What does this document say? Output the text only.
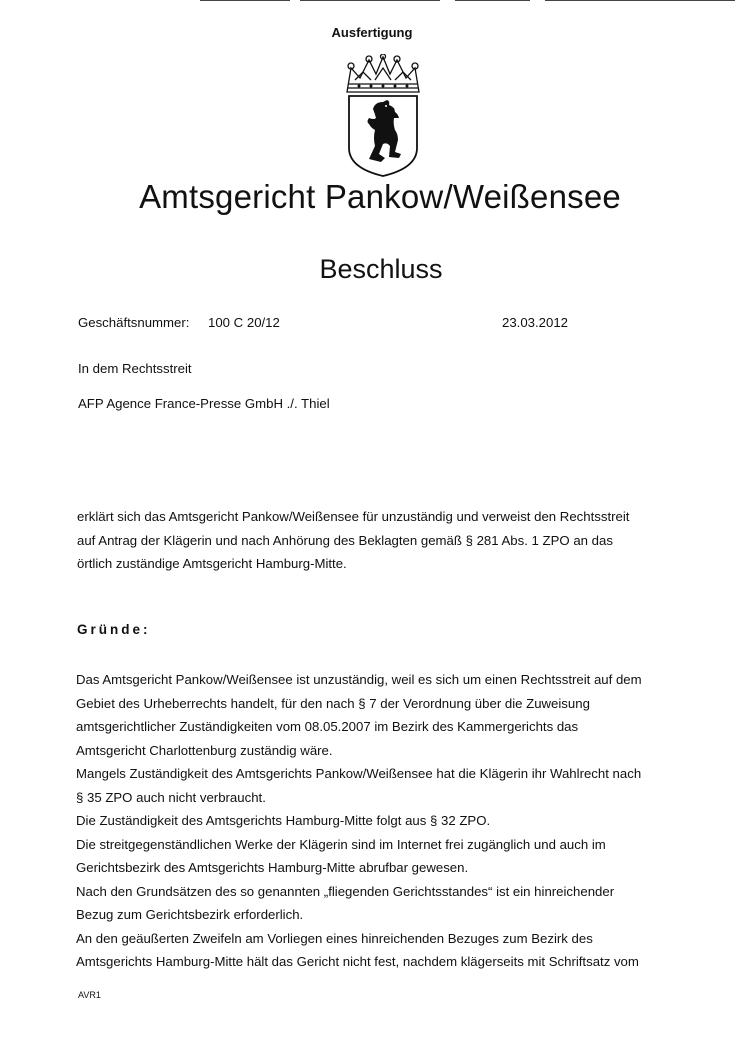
Ausfertigung
Amtsgericht Pankow/Weißensee
Beschluss
Geschäftsnummer: 100 C 20/12	23.03.2012
In dem Rechtsstreit
AFP Agence France-Presse GmbH ./. Thiel
erklärt sich das Amtsgericht Pankow/Weißensee für unzuständig und verweist den Rechtsstreit
auf Antrag der Klägerin und nach Anhörung des Beklagten gemäß § 281 Abs. 1 ZPO an das
örtlich zuständige Amtsgericht Hamburg-Mitte.
Gründe:
Das Amtsgericht Pankow/Weißensee ist unzuständig, weil es sich um einen Rechtsstreit auf dem
Gebiet des Urheberrechts handelt, für den nach § 7 der Verordnung über die Zuweisung
amtsgerichtlicher Zuständigkeiten vom 08.05.2007 im Bezirk des Kammergerichts das
Amtsgericht Charlottenburg zuständig wäre.
Mangels Zuständigkeit des Amtsgerichts Pankow/Weißensee hat die Klägerin ihr Wahlrecht nach
§ 35 ZPO auch nicht verbraucht.
Die Zuständigkeit des Amtsgerichts Hamburg-Mitte folgt aus § 32 ZPO.
Die streitgegenständlichen Werke der Klägerin sind im Internet frei zugänglich und auch im
Gerichtsbezirk des Amtsgerichts Hamburg-Mitte abrufbar gewesen.
Nach den Grundsätzen des so genannten „fliegenden Gerichtsstandes“ ist ein hinreichender
Bezug zum Gerichtsbezirk erforderlich.
An den geäußerten Zweifeln am Vorliegen eines hinreichenden Bezuges zum Bezirk des
Amtsgerichts Hamburg-Mitte hält das Gericht nicht fest, nachdem klägerseits mit Schriftsatz vom
AVR1
